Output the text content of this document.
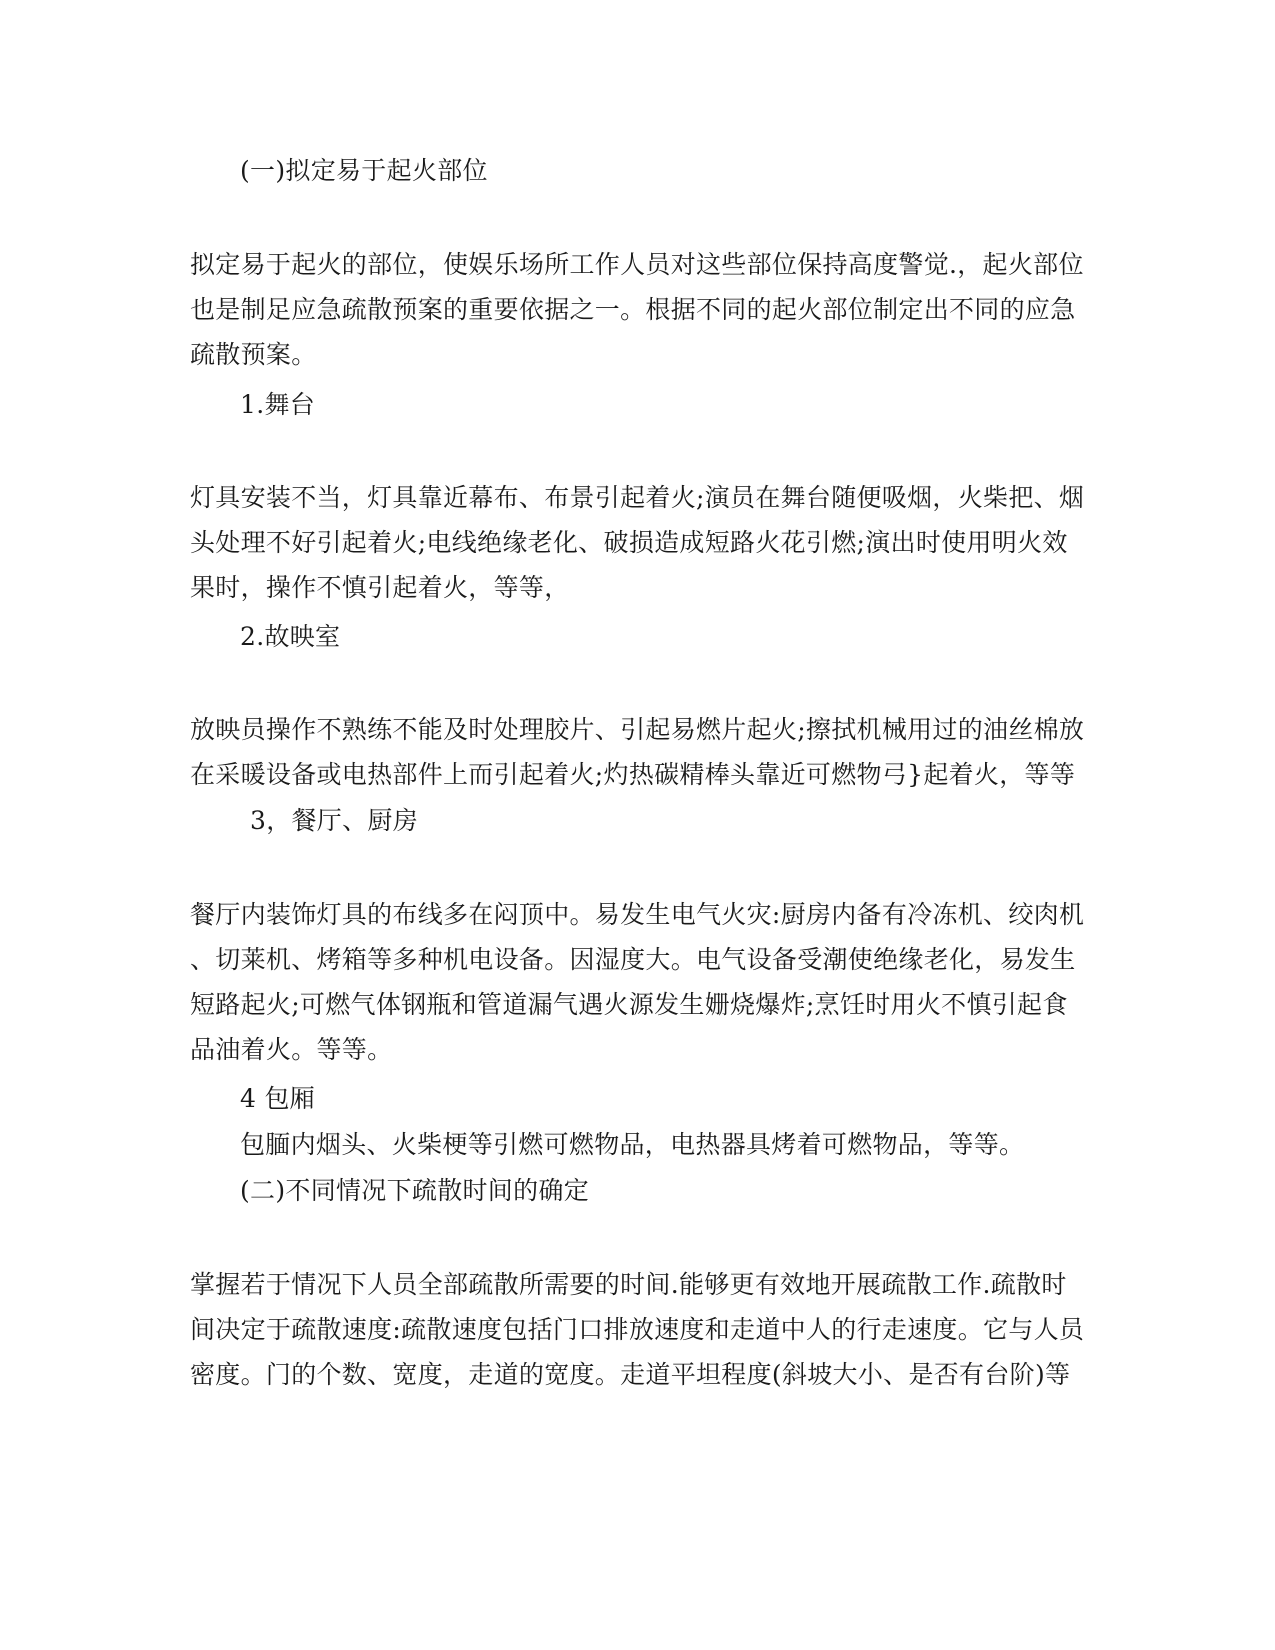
(一)拟定易于起火部位
拟定易于起火的部位，使娱乐场所工作人员对这些部位保持高度警觉.，起火部位
也是制足应急疏散预案的重要依据之一。根据不同的起火部位制定出不同的应急
疏散预案。
1.舞台
灯具安装不当，灯具靠近幕布、布景引起着火;演员在舞台随便吸烟，火柴把、烟
头处理不好引起着火;电线绝缘老化、破损造成短路火花引燃;演出时使用明火效
果时，操作不慎引起着火，等等，
2.故映室
放映员操作不熟练不能及时处理胶片、引起易燃片起火;擦拭机械用过的油丝棉放
在采暖设备或电热部件上而引起着火;灼热碳精棒头靠近可燃物弓}起着火，等等
3，餐厅、厨房
餐厅内装饰灯具的布线多在闷顶中。易发生电气火灾:厨房内备有冷冻机、绞肉机
、切莱机、烤箱等多种机电设备。因湿度大。电气设备受潮使绝缘老化，易发生
短路起火;可燃气体钢瓶和管道漏气遇火源发生姗烧爆炸;烹饪时用火不慎引起食
品油着火。等等。
4 包厢
包腼内烟头、火柴梗等引燃可燃物品，电热器具烤着可燃物品，等等。
(二)不同情况下疏散时间的确定
掌握若于情况下人员全部疏散所需要的时间.能够更有效地开展疏散工作.疏散时
间决定于疏散速度:疏散速度包括门口排放速度和走道中人的行走速度。它与人员
密度。门的个数、宽度，走道的宽度。走道平坦程度(斜坡大小、是否有台阶)等
